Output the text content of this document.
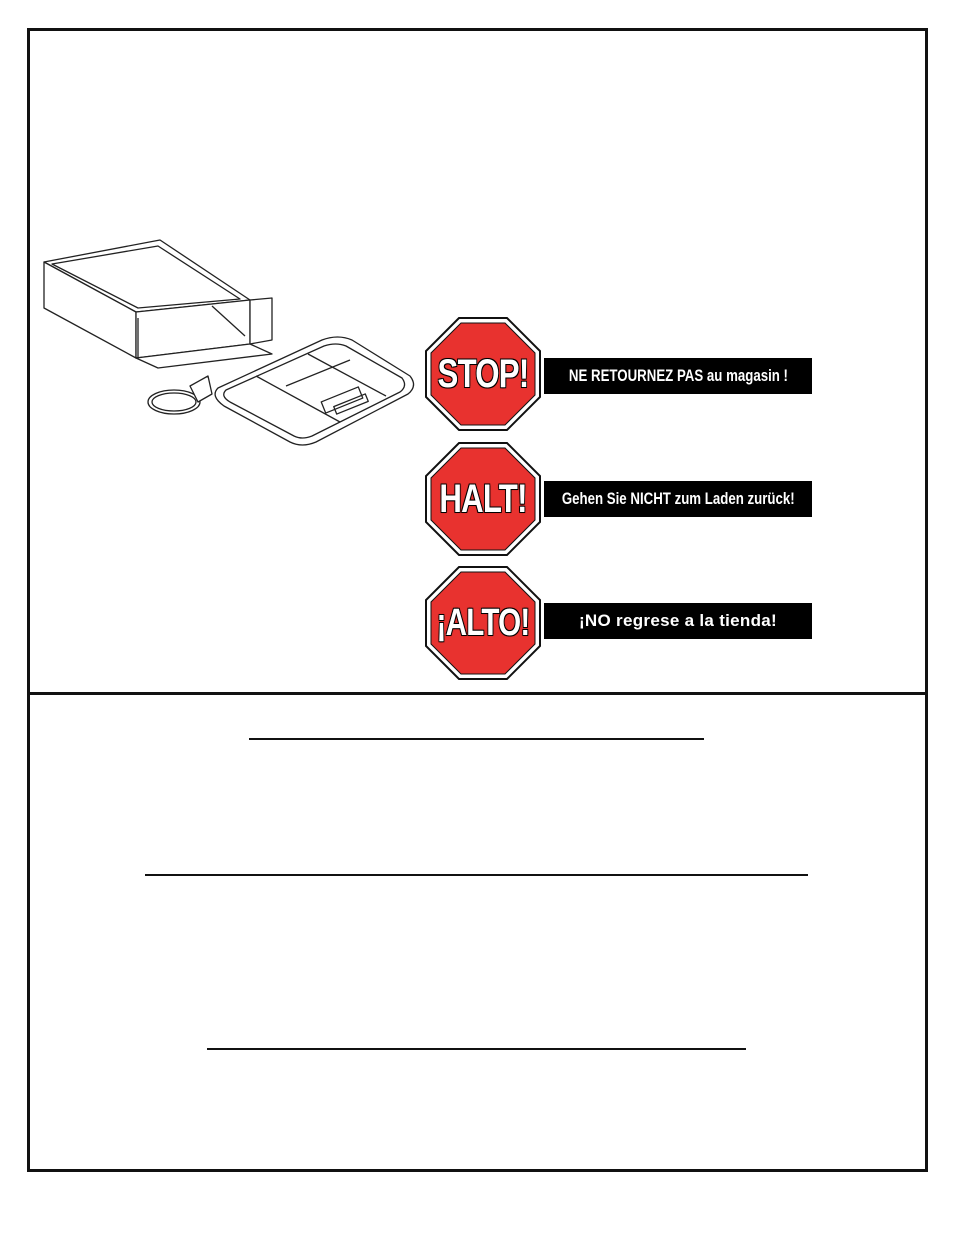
STOP! NE RETOURNEZ PAS au magasin !
HALT! Gehen Sie NICHT zum Laden zurück!
¡ALTO!	¡NO regrese a la tienda!
